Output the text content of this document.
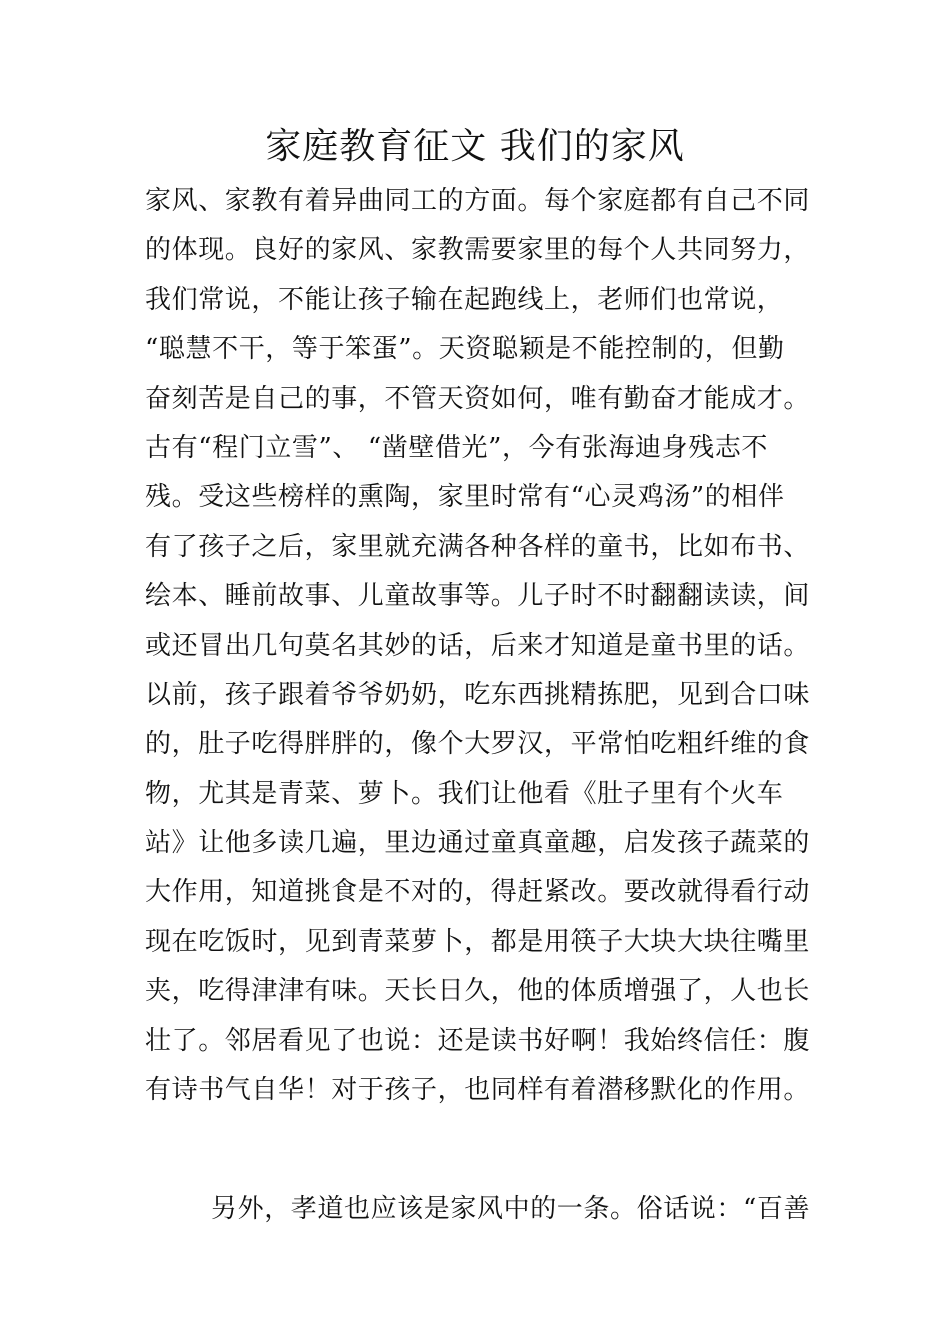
家庭教育征文 我们的家风
家风、家教有着异曲同工的方面。每个家庭都有自己不同
的体现。良好的家风、家教需要家里的每个人共同努力，
我们常说，不能让孩子输在起跑线上，老师们也常说，
“聪慧不干，等于笨蛋”。天资聪颖是不能控制的，但勤
奋刻苦是自己的事，不管天资如何，唯有勤奋才能成才。
古有“程门立雪”、 “凿壁借光”，今有张海迪身残志不
残。受这些榜样的熏陶，家里时常有“心灵鸡汤”的相伴
有了孩子之后，家里就充满各种各样的童书，比如布书、
绘本、睡前故事、儿童故事等。儿子时不时翻翻读读，间
或还冒出几句莫名其妙的话，后来才知道是童书里的话。
以前，孩子跟着爷爷奶奶，吃东西挑精拣肥，见到合口味
的，肚子吃得胖胖的，像个大罗汉，平常怕吃粗纤维的食
物，尤其是青菜、萝卜。我们让他看《肚子里有个火车
站》让他多读几遍，里边通过童真童趣，启发孩子蔬菜的
大作用，知道挑食是不对的，得赶紧改。要改就得看行动
现在吃饭时，见到青菜萝卜，都是用筷子大块大块往嘴里
夹，吃得津津有味。天长日久，他的体质增强了，人也长
壮了。邻居看见了也说：还是读书好啊！我始终信任：腹
有诗书气自华！对于孩子，也同样有着潜移默化的作用。
另外，孝道也应该是家风中的一条。俗话说：“百善
